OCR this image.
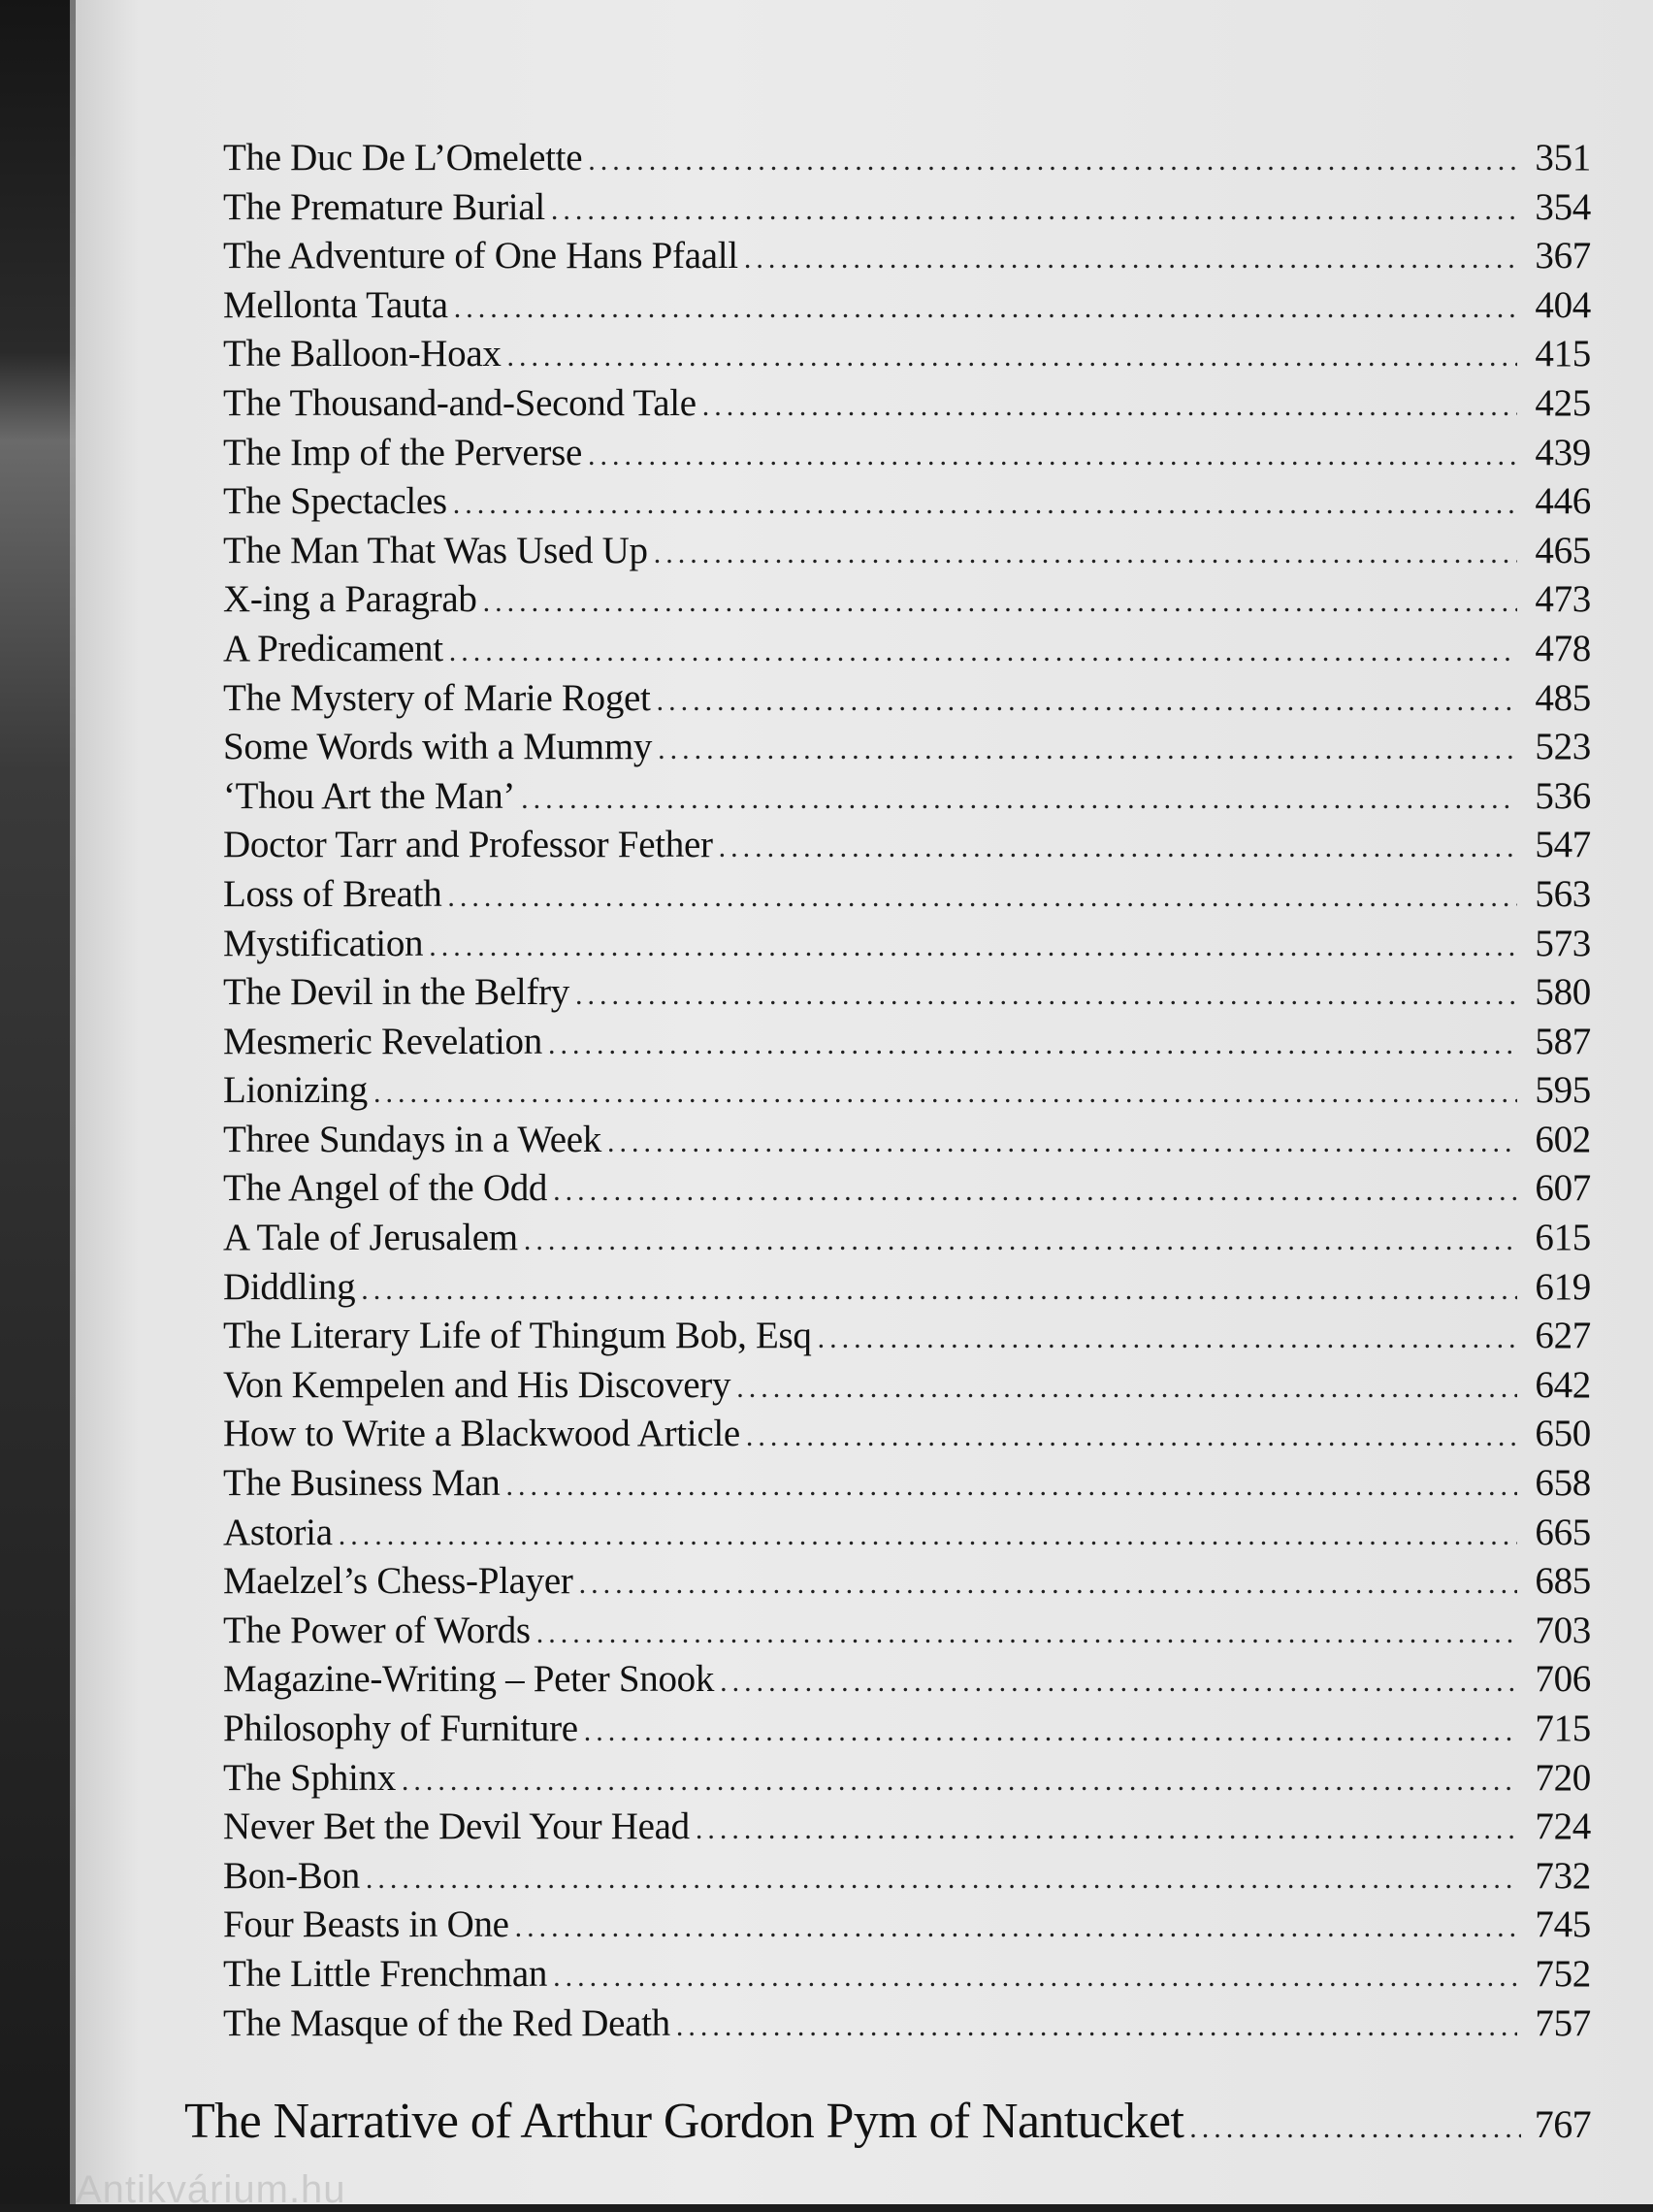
The Duc De L’Omelette .....	351
The Premature Burial .....	354
The Adventure of One Hans Pfaall .....	367
Mellonta Tauta .....	404
The Balloon-Hoax .....	415
The Thousand-and-Second Tale .....	425
The Imp of the Perverse .....	439
The Spectacles .....	446
The Man That Was Used Up .....	465
X-ing a Paragrab .....	473
A Predicament .....	478
The Mystery of Marie Roget .....	485
Some Words with a Mummy .....	523
‘Thou Art the Man’ .....	536
Doctor Tarr and Professor Fether .....	547
Loss of Breath .....	563
Mystification .....	573
The Devil in the Belfry .....	580
Mesmeric Revelation .....	587
Lionizing .....	595
Three Sundays in a Week .....	602
The Angel of the Odd .....	607
A Tale of Jerusalem .....	615
Diddling .....	619
The Literary Life of Thingum Bob, Esq .....	627
Von Kempelen and His Discovery .....	642
How to Write a Blackwood Article .....	650
The Business Man .....	658
Astoria .....	665
Maelzel’s Chess-Player .....	685
The Power of Words .....	703
Magazine-Writing – Peter Snook .....	706
Philosophy of Furniture .....	715
The Sphinx .....	720
Never Bet the Devil Your Head .....	724
Bon-Bon .....	732
Four Beasts in One .....	745
The Little Frenchman .....	752
The Masque of the Red Death .....	757
The Narrative of Arthur Gordon Pym of Nantucket .....	767
Antikvárium.hu
